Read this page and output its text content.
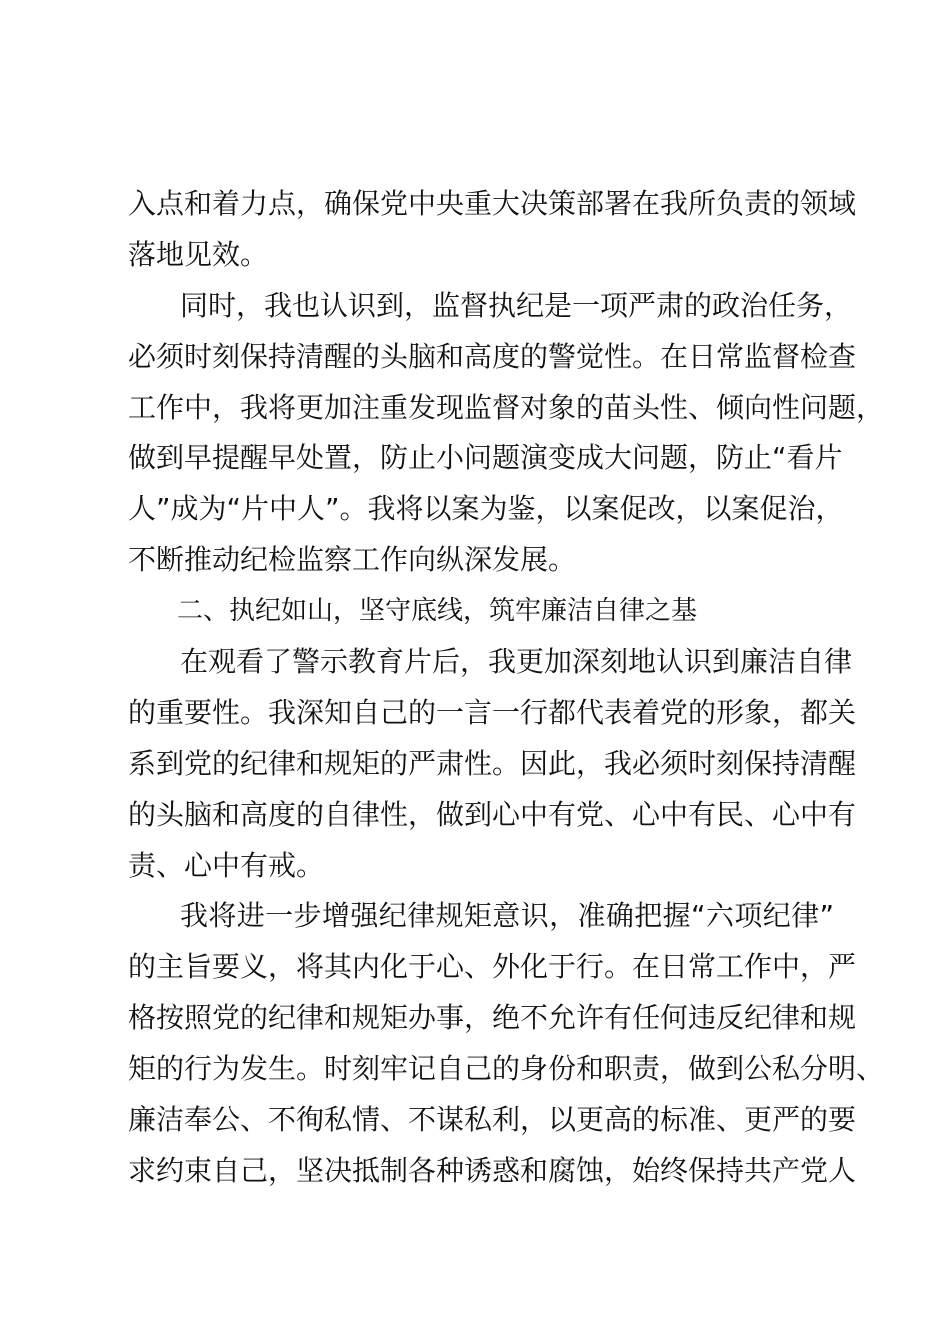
入点和着力点，确保党中央重大决策部署在我所负责的领域
落地见效。
同时，我也认识到，监督执纪是一项严肃的政治任务，
必须时刻保持清醒的头脑和高度的警觉性。在日常监督检查
工作中，我将更加注重发现监督对象的苗头性、倾向性问题，
做到早提醒早处置，防止小问题演变成大问题，防止“看片
人”成为“片中人”。我将以案为鉴，以案促改，以案促治，
不断推动纪检监察工作向纵深发展。
二、执纪如山，坚守底线，筑牢廉洁自律之基
在观看了警示教育片后，我更加深刻地认识到廉洁自律
的重要性。我深知自己的一言一行都代表着党的形象，都关
系到党的纪律和规矩的严肃性。因此，我必须时刻保持清醒
的头脑和高度的自律性，做到心中有党、心中有民、心中有
责、心中有戒。
我将进一步增强纪律规矩意识，准确把握“六项纪律”
的主旨要义，将其内化于心、外化于行。在日常工作中，严
格按照党的纪律和规矩办事，绝不允许有任何违反纪律和规
矩的行为发生。时刻牢记自己的身份和职责，做到公私分明、
廉洁奉公、不徇私情、不谋私利，以更高的标准、更严的要
求约束自己，坚决抵制各种诱惑和腐蚀，始终保持共产党人
